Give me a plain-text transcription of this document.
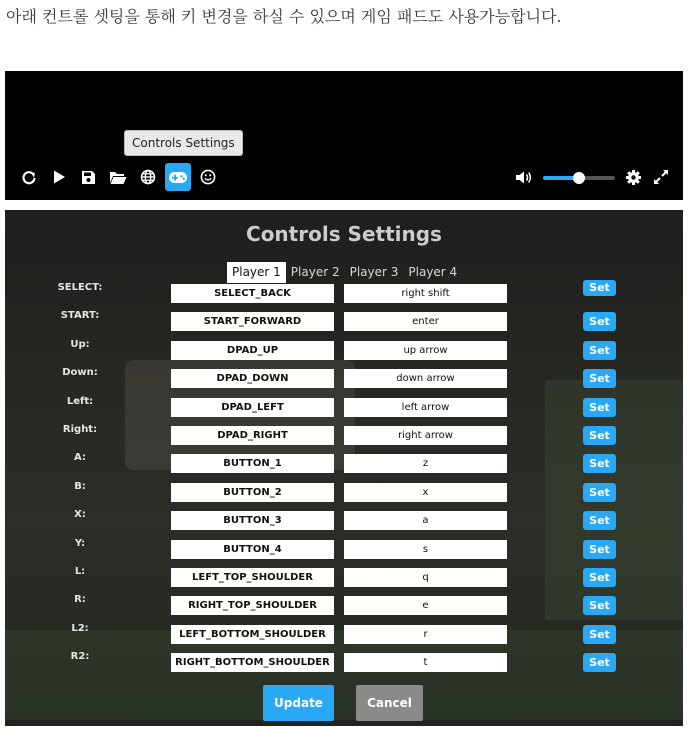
아래 컨트롤 셋팅을 통해 키 변경을 하실 수 있으며 게임 패드도 사용가능합니다.
Controls Settings
Controls Settings
Player 1 Player 2 Player 3 Player 4
SELECT:
SELECT_BACK	right shift	Set
START:
START_FORWARD	enter	Set
Up:
DPAD_UP	up arrow	Set
Down:
DPAD_DOWN	down arrow	Set
Left:
DPAD_LEFT	left arrow	Set
Right:
DPAD_RIGHT	right arrow	Set
A:
BUTTON_1	z	Set
B:
BUTTON_2	x	Set
X:
BUTTON_3	a	Set
Y:
BUTTON_4	s	Set
L:
LEFT_TOP_SHOULDER	q	Set
R:
RIGHT_TOP_SHOULDER	e	Set
L2:
LEFT_BOTTOM_SHOULDER	r	Set
R2:
RIGHT_BOTTOM_SHOULDER	t	Set
Update	Cancel
